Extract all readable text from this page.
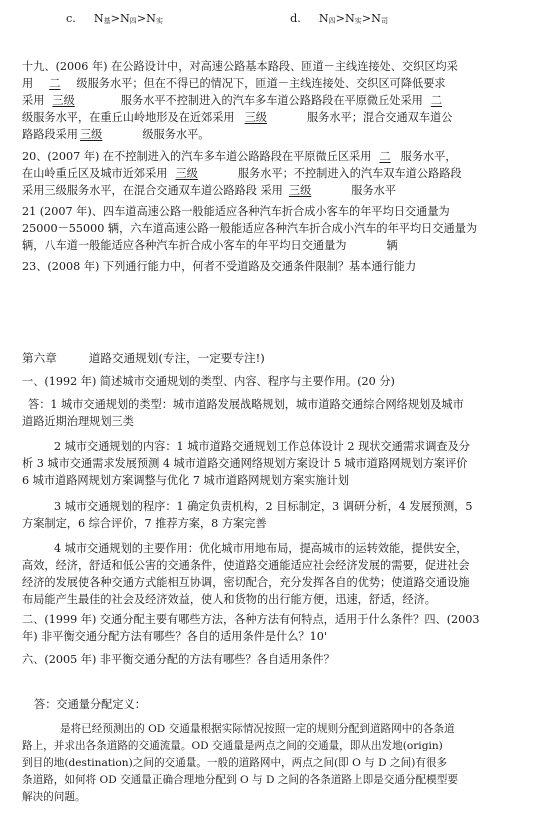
c. N基>N四>N实	d. N四>N实>N司
十九、(2006 年) 在公路设计中，对高速公路基本路段、匝道－主线连接处、交织区均采
用 二 级服务水平；但在不得已的情况下，匝道－主线连接处、交织区可降低要求
采用 三级	服务水平不控制进入的汽车多车道公路路段在平原微丘处采用 二
级服务水平，在重丘山岭地形及在近郊采用 三级	服务水平；混合交通双车道公
路路段采用 三级	级服务水平。
20、(2007 年) 在不控制进入的汽车多车道公路路段在平原微丘区采用 二 服务水平，
在山岭重丘区及城市近郊采用 三级	服务水平；不控制进入的汽车双车道公路路段
采用三级服务水平，在混合交通双车道公路路段 采用 三级	服务水平
21 (2007 年)、四车道高速公路一般能适应各种汽车折合成小客车的年平均日交通量为
25000－55000 辆，六车道高速公路一般能适应各种汽车折合成小汽车的年平均日交通量为
辆，八车道一般能适应各种汽车折合成小客车的年平均日交通量为	辆
23、(2008 年) 下列通行能力中，何者不受道路及交通条件限制？基本通行能力
第六章	道路交通规划(专注，一定要专注!)
一、(1992 年) 简述城市交通规划的类型、内容、程序与主要作用。(20 分)
答：1 城市交通规划的类型：城市道路发展战略规划，城市道路交通综合网络规划及城市
道路近期治理规划三类
2 城市交通规划的内容：1 城市道路交通规划工作总体设计 2 现状交通需求调查及分
析 3 城市交通需求发展预测 4 城市道路交通网络规划方案设计 5 城市道路网规划方案评价
6 城市道路网规划方案调整与优化 7 城市道路网规划方案实施计划
3 城市交通规划的程序：1 确定负责机构，2 目标制定，3 调研分析，4 发展预测，5
方案制定，6 综合评价，7 推荐方案，8 方案完善
4 城市交通规划的主要作用：优化城市用地布局，提高城市的运转效能，提供安全，
高效，经济，舒适和低公害的交通条件，使道路交通能适应社会经济发展的需要，促进社会
经济的发展使各种交通方式能相互协调，密切配合，充分发挥各自的优势；使道路交通设施
布局能产生最佳的社会及经济效益，使人和货物的出行能方便，迅速，舒适，经济。
二、(1999 年) 交通分配主要有哪些方法，各种方法有何特点，适用于什么条件？四、(2003
年) 非平衡交通分配方法有哪些？各自的适用条件是什么？10'
六、(2005 年) 非平衡交通分配的方法有哪些？各自适用条件？
答：交通量分配定义：
是将已经预测出的 OD 交通量根据实际情况按照一定的规则分配到道路网中的各条道
路上，并求出各条道路的交通流量。OD 交通量是两点之间的交通量，即从出发地(origin)
到目的地(destination)之间的交通量。一般的道路网中，两点之间(即 O 与 D 之间)有很多
条道路，如何将 OD 交通量正确合理地分配到 O 与 D 之间的各条道路上即是交通分配模型要
解决的问题。
